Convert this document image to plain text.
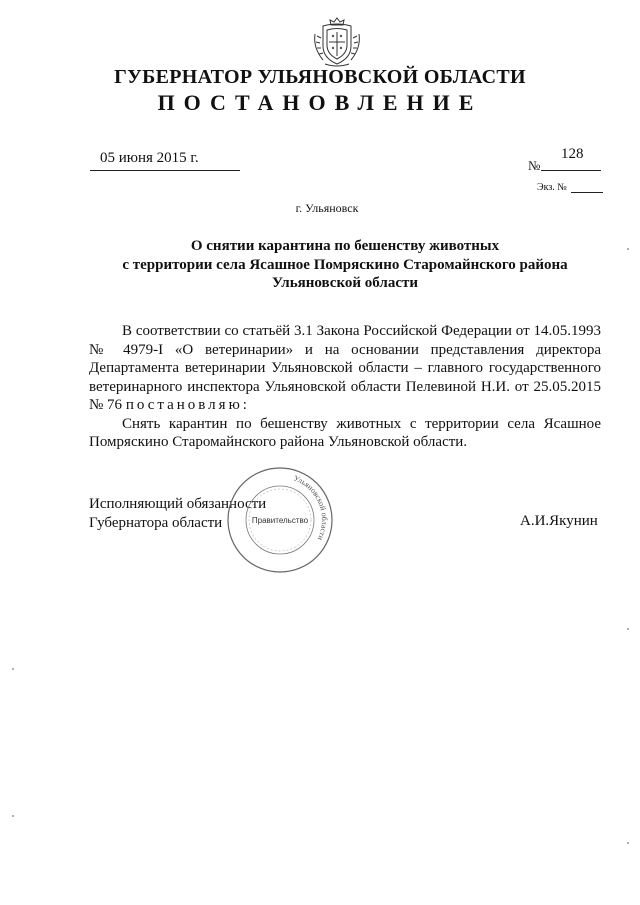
ГУБЕРНАТОР УЛЬЯНОВСКОЙ ОБЛАСТИ
ПОСТАНОВЛЕНИЕ
05 июня 2015 г.	№
128
Экз. №
г. Ульяновск
О снятии карантина по бешенству животных
с территории села Ясашное Помряскино Старомайнского района
Ульяновской области

В соответствии со статьёй 3.1 Закона Российской Федерации от 14.05.1993 № 4979-I «О ветеринарии» и на основании представления директора Департамента ветеринарии Ульяновской области – главного государственного ветеринарного инспектора Ульяновской области Пелевиной Н.И. от 25.05.2015 № 76 постановляю:

Снять карантин по бешенству животных с территории села Ясашное Помряскино Старомайнского района Ульяновской области.

Исполняющий обязанности
Губернатора области
Ульяновской области
Правительство	А.И.Якунин
